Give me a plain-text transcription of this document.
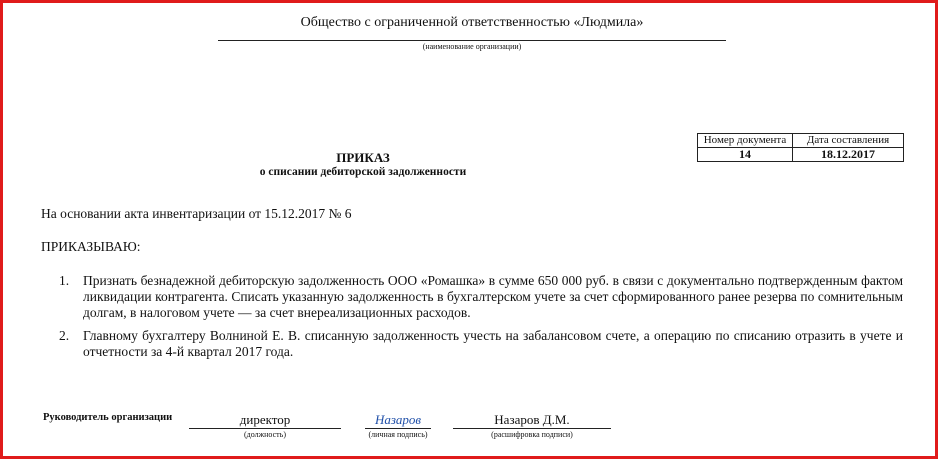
Общество с ограниченной ответственностью «Людмила»
(наименование организации)
Номер документа	Дата составления
14	18.12.2017
ПРИКАЗ
о списании дебиторской задолженности
На основании акта инвентаризации от 15.12.2017 № 6
ПРИКАЗЫВАЮ:
1. Признать безнадежной дебиторскую задолженность ООО «Ромашка» в сумме 650 000 руб. в связи с документально подтвержденным фактом ликвидации контрагента. Списать указанную задолженность в бухгалтерском учете за счет сформированного ранее резерва по сомнительным долгам, в налоговом учете — за счет внереализационных расходов.
2. Главному бухгалтеру Волниной Е. В. списанную задолженность учесть на забалансовом счете, а операцию по списанию отразить в учете и отчетности за 4-й квартал 2017 года.
Руководитель организации	директор
(должность)
Назаров
(личная подпись)
Назаров Д.М.
(расшифровка подписи)
